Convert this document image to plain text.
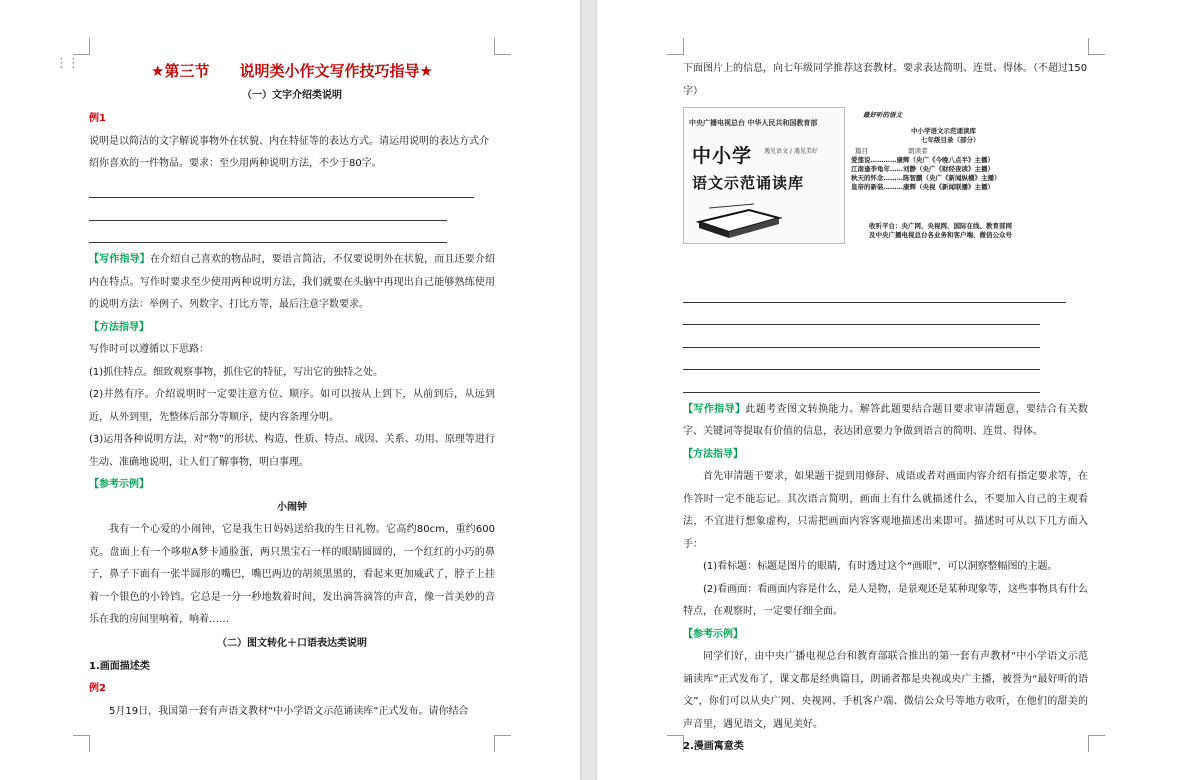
⋮⋮	★第三节 说明类小作文写作技巧指导★
（一）文字介绍类说明
例1
说明是以简洁的文字解说事物外在状貌、内在特征等的表达方式。请运用说明的表达方式介
绍你喜欢的一件物品。要求：至少用两种说明方法，不少于80字。
【写作指导】在介绍自己喜欢的物品时，要语言简洁，不仅要说明外在状貌，而且还要介绍内在特点。写作时要求至少使用两种说明方法，我们就要在头脑中再现出自己能够熟练使用的说明方法：举例子、列数字、打比方等，最后注意字数要求。
【方法指导】
写作时可以遵循以下思路：
(1)抓住特点。细致观察事物，抓住它的特征，写出它的独特之处。
(2)井然有序。介绍说明时一定要注意方位、顺序。如可以按从上到下，从前到后，从远到近，从外到里，先整体后部分等顺序，使内容条理分明。
(3)运用各种说明方法，对“物”的形状、构造、性质、特点、成因、关系、功用、原理等进行生动、准确地说明，让人们了解事物，明白事理。
【参考示例】
小闹钟
我有一个心爱的小闹钟，它是我生日妈妈送给我的生日礼物。它高约80cm，重约600克。盘面上有一个哆啦A梦卡通脸蛋，两只黑宝石一样的眼睛圆圆的，一个红红的小巧的鼻子，鼻子下面有一张半圆形的嘴巴，嘴巴两边的胡须黑黑的，看起来更加威武了，脖子上挂着一个银色的小铃铛。它总是一分一秒地数着时间，发出滴答滴答的声音，像一首美妙的音乐在我的房间里响着，响着……
（二）图文转化＋口语表达类说明
1.画面描述类
例2
5月19日，我国第一套有声语文教材“中小学语文示范诵读库”正式发布。请你结合
下面图片上的信息，向七年级同学推荐这套教材。要求表达简明、连贯、得体。（不超过150
字）
中央广播电视总台 中华人民共和国教育部
中小学 遇见语文 / 遇见美好
语文示范诵读库
最好听的语文
中小学语文示范诵读库
七年级目录（部分）
篇目	朗读者
爱莲说…………康辉（央广《今晚八点半》主播）
江南逢李龟年……刘静（央广《财经夜读》主播）
秋天的怀念………陈智鹏（央广《新闻纵横》主播）
皇帝的新装………康辉（央视《新闻联播》主播）
收听平台：央广网、央视网、国际在线、教育部网
及中央广播电视总台各业务和客户端、微信公众号
【写作指导】此题考查图文转换能力。解答此题要结合题目要求审清题意，要结合有关数字、关键词等提取有价值的信息，表达团意要力争做到语言的简明、连贯、得体。
【方法指导】
首先审清题干要求，如果题干提到用修辞、成语或者对画面内容介绍有指定要求等，在作答时一定不能忘记。其次语言简明，画面上有什么就描述什么，不要加入自己的主观看法，不宜进行想象虚构，只需把画面内容客观地描述出来即可。描述时可从以下几方面入手：
(1)看标题：标题是图片的眼睛，有时透过这个“画眼”，可以洞察整幅图的主题。
(2)看画面：看画面内容是什么，是人是物，是景观还是某种现象等，这些事物具有什么特点，在观察时，一定要仔细全面。
【参考示例】
同学们好，由中央广播电视总台和教育部联合推出的第一套有声教材“中小学语文示范诵读库”正式发布了，课文都是经典篇目，朗诵者都是央视或央广主播，被誉为“最好听的语文”，你们可以从央广网、央视网、手机客户端、微信公众号等地方收听，在他们的甜美的声音里，遇见语文，遇见美好。
2.漫画寓意类
